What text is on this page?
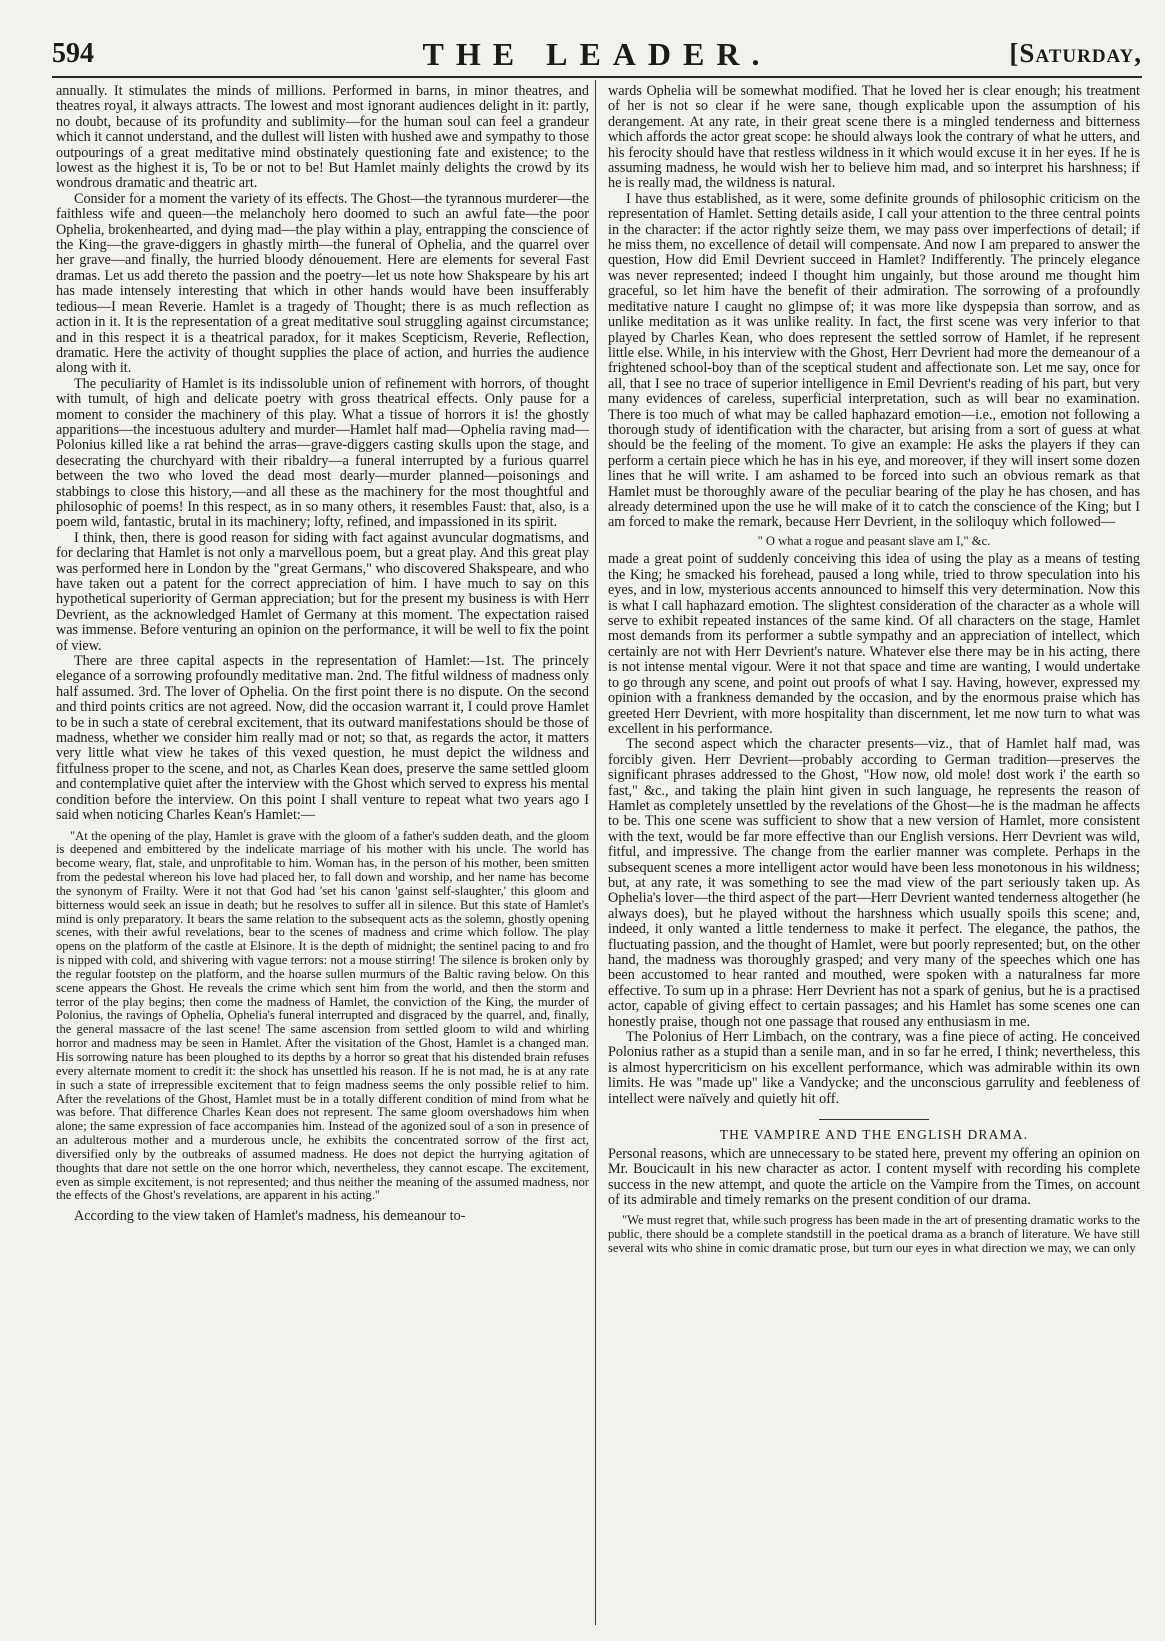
594	THE LEADER.	[Saturday,

annually. It stimulates the minds of millions. Performed in barns, in minor theatres, and theatres royal, it always attracts. The lowest and most ignorant audiences delight in it: partly, no doubt, because of its profundity and sublimity—for the human soul can feel a grandeur which it cannot understand, and the dullest will listen with hushed awe and sympathy to those outpourings of a great meditative mind obstinately questioning fate and existence; to the lowest as the highest it is, To be or not to be! But Hamlet mainly delights the crowd by its wondrous dramatic and theatric art.

Consider for a moment the variety of its effects. The Ghost—the tyrannous murderer—the faithless wife and queen—the melancholy hero doomed to such an awful fate—the poor Ophelia, brokenhearted, and dying mad—the play within a play, entrapping the conscience of the King—the grave-diggers in ghastly mirth—the funeral of Ophelia, and the quarrel over her grave—and finally, the hurried bloody dénouement. Here are elements for several Fast dramas. Let us add thereto the passion and the poetry—let us note how Shakspeare by his art has made intensely interesting that which in other hands would have been insufferably tedious—I mean Reverie. Hamlet is a tragedy of Thought; there is as much reflection as action in it. It is the representation of a great meditative soul struggling against circumstance; and in this respect it is a theatrical paradox, for it makes Scepticism, Reverie, Reflection, dramatic. Here the activity of thought supplies the place of action, and hurries the audience along with it.

The peculiarity of Hamlet is its indissoluble union of refinement with horrors, of thought with tumult, of high and delicate poetry with gross theatrical effects. Only pause for a moment to consider the machinery of this play. What a tissue of horrors it is! the ghostly apparitions—the incestuous adultery and murder—Hamlet half mad—Ophelia raving mad—Polonius killed like a rat behind the arras—grave-diggers casting skulls upon the stage, and desecrating the churchyard with their ribaldry—a funeral interrupted by a furious quarrel between the two who loved the dead most dearly—murder planned—poisonings and stabbings to close this history,—and all these as the machinery for the most thoughtful and philosophic of poems! In this respect, as in so many others, it resembles Faust: that, also, is a poem wild, fantastic, brutal in its machinery; lofty, refined, and impassioned in its spirit.

I think, then, there is good reason for siding with fact against avuncular dogmatisms, and for declaring that Hamlet is not only a marvellous poem, but a great play. And this great play was performed here in London by the "great Germans," who discovered Shakspeare, and who have taken out a patent for the correct appreciation of him. I have much to say on this hypothetical superiority of German appreciation; but for the present my business is with Herr Devrient, as the acknowledged Hamlet of Germany at this moment. The expectation raised was immense. Before venturing an opinion on the performance, it will be well to fix the point of view.

There are three capital aspects in the representation of Hamlet:—1st. The princely elegance of a sorrowing profoundly meditative man. 2nd. The fitful wildness of madness only half assumed. 3rd. The lover of Ophelia. On the first point there is no dispute. On the second and third points critics are not agreed. Now, did the occasion warrant it, I could prove Hamlet to be in such a state of cerebral excitement, that its outward manifestations should be those of madness, whether we consider him really mad or not; so that, as regards the actor, it matters very little what view he takes of this vexed question, he must depict the wildness and fitfulness proper to the scene, and not, as Charles Kean does, preserve the same settled gloom and contemplative quiet after the interview with the Ghost which served to express his mental condition before the interview. On this point I shall venture to repeat what two years ago I said when noticing Charles Kean's Hamlet:—

"At the opening of the play, Hamlet is grave with the gloom of a father's sudden death, and the gloom is deepened and embittered by the indelicate marriage of his mother with his uncle. The world has become weary, flat, stale, and unprofitable to him. Woman has, in the person of his mother, been smitten from the pedestal whereon his love had placed her, to fall down and worship, and her name has become the synonym of Frailty. Were it not that God had 'set his canon 'gainst self-slaughter,' this gloom and bitterness would seek an issue in death; but he resolves to suffer all in silence. But this state of Hamlet's mind is only preparatory. It bears the same relation to the subsequent acts as the solemn, ghostly opening scenes, with their awful revelations, bear to the scenes of madness and crime which follow. The play opens on the platform of the castle at Elsinore. It is the depth of midnight; the sentinel pacing to and fro is nipped with cold, and shivering with vague terrors: not a mouse stirring! The silence is broken only by the regular footstep on the platform, and the hoarse sullen murmurs of the Baltic raving below. On this scene appears the Ghost. He reveals the crime which sent him from the world, and then the storm and terror of the play begins; then come the madness of Hamlet, the conviction of the King, the murder of Polonius, the ravings of Ophelia, Ophelia's funeral interrupted and disgraced by the quarrel, and, finally, the general massacre of the last scene! The same ascension from settled gloom to wild and whirling horror and madness may be seen in Hamlet. After the visitation of the Ghost, Hamlet is a changed man. His sorrowing nature has been ploughed to its depths by a horror so great that his distended brain refuses every alternate moment to credit it: the shock has unsettled his reason. If he is not mad, he is at any rate in such a state of irrepressible excitement that to feign madness seems the only possible relief to him. After the revelations of the Ghost, Hamlet must be in a totally different condition of mind from what he was before. That difference Charles Kean does not represent. The same gloom overshadows him when alone; the same expression of face accompanies him. Instead of the agonized soul of a son in presence of an adulterous mother and a murderous uncle, he exhibits the concentrated sorrow of the first act, diversified only by the outbreaks of assumed madness. He does not depict the hurrying agitation of thoughts that dare not settle on the one horror which, nevertheless, they cannot escape. The excitement, even as simple excitement, is not represented; and thus neither the meaning of the assumed madness, nor the effects of the Ghost's revelations, are apparent in his acting."

According to the view taken of Hamlet's madness, his demeanour to-

wards Ophelia will be somewhat modified. That he loved her is clear enough; his treatment of her is not so clear if he were sane, though explicable upon the assumption of his derangement. At any rate, in their great scene there is a mingled tenderness and bitterness which affords the actor great scope: he should always look the contrary of what he utters, and his ferocity should have that restless wildness in it which would excuse it in her eyes. If he is assuming madness, he would wish her to believe him mad, and so interpret his harshness; if he is really mad, the wildness is natural.

I have thus established, as it were, some definite grounds of philosophic criticism on the representation of Hamlet. Setting details aside, I call your attention to the three central points in the character: if the actor rightly seize them, we may pass over imperfections of detail; if he miss them, no excellence of detail will compensate. And now I am prepared to answer the question, How did Emil Devrient succeed in Hamlet? Indifferently. The princely elegance was never represented; indeed I thought him ungainly, but those around me thought him graceful, so let him have the benefit of their admiration. The sorrowing of a profoundly meditative nature I caught no glimpse of; it was more like dyspepsia than sorrow, and as unlike meditation as it was unlike reality. In fact, the first scene was very inferior to that played by Charles Kean, who does represent the settled sorrow of Hamlet, if he represent little else. While, in his interview with the Ghost, Herr Devrient had more the demeanour of a frightened school-boy than of the sceptical student and affectionate son. Let me say, once for all, that I see no trace of superior intelligence in Emil Devrient's reading of his part, but very many evidences of careless, superficial interpretation, such as will bear no examination. There is too much of what may be called haphazard emotion—i.e., emotion not following a thorough study of identification with the character, but arising from a sort of guess at what should be the feeling of the moment. To give an example: He asks the players if they can perform a certain piece which he has in his eye, and moreover, if they will insert some dozen lines that he will write. I am ashamed to be forced into such an obvious remark as that Hamlet must be thoroughly aware of the peculiar bearing of the play he has chosen, and has already determined upon the use he will make of it to catch the conscience of the King; but I am forced to make the remark, because Herr Devrient, in the soliloquy which followed—

" O what a rogue and peasant slave am I," &c.

made a great point of suddenly conceiving this idea of using the play as a means of testing the King; he smacked his forehead, paused a long while, tried to throw speculation into his eyes, and in low, mysterious accents announced to himself this very determination. Now this is what I call haphazard emotion. The slightest consideration of the character as a whole will serve to exhibit repeated instances of the same kind. Of all characters on the stage, Hamlet most demands from its performer a subtle sympathy and an appreciation of intellect, which certainly are not with Herr Devrient's nature. Whatever else there may be in his acting, there is not intense mental vigour. Were it not that space and time are wanting, I would undertake to go through any scene, and point out proofs of what I say. Having, however, expressed my opinion with a frankness demanded by the occasion, and by the enormous praise which has greeted Herr Devrient, with more hospitality than discernment, let me now turn to what was excellent in his performance.

The second aspect which the character presents—viz., that of Hamlet half mad, was forcibly given. Herr Devrient—probably according to German tradition—preserves the significant phrases addressed to the Ghost, "How now, old mole! dost work i' the earth so fast," &c., and taking the plain hint given in such language, he represents the reason of Hamlet as completely unsettled by the revelations of the Ghost—he is the madman he affects to be. This one scene was sufficient to show that a new version of Hamlet, more consistent with the text, would be far more effective than our English versions. Herr Devrient was wild, fitful, and impressive. The change from the earlier manner was complete. Perhaps in the subsequent scenes a more intelligent actor would have been less monotonous in his wildness; but, at any rate, it was something to see the mad view of the part seriously taken up. As Ophelia's lover—the third aspect of the part—Herr Devrient wanted tenderness altogether (he always does), but he played without the harshness which usually spoils this scene; and, indeed, it only wanted a little tenderness to make it perfect. The elegance, the pathos, the fluctuating passion, and the thought of Hamlet, were but poorly represented; but, on the other hand, the madness was thoroughly grasped; and very many of the speeches which one has been accustomed to hear ranted and mouthed, were spoken with a naturalness far more effective. To sum up in a phrase: Herr Devrient has not a spark of genius, but he is a practised actor, capable of giving effect to certain passages; and his Hamlet has some scenes one can honestly praise, though not one passage that roused any enthusiasm in me.

The Polonius of Herr Limbach, on the contrary, was a fine piece of acting. He conceived Polonius rather as a stupid than a senile man, and in so far he erred, I think; nevertheless, this is almost hypercriticism on his excellent performance, which was admirable within its own limits. He was "made up" like a Vandycke; and the unconscious garrulity and feebleness of intellect were naïvely and quietly hit off.

THE VAMPIRE AND THE ENGLISH DRAMA.

Personal reasons, which are unnecessary to be stated here, prevent my offering an opinion on Mr. Boucicault in his new character as actor. I content myself with recording his complete success in the new attempt, and quote the article on the Vampire from the Times, on account of its admirable and timely remarks on the present condition of our drama.

"We must regret that, while such progress has been made in the art of presenting dramatic works to the public, there should be a complete standstill in the poetical drama as a branch of literature. We have still several wits who shine in comic dramatic prose, but turn our eyes in what direction we may, we can only
